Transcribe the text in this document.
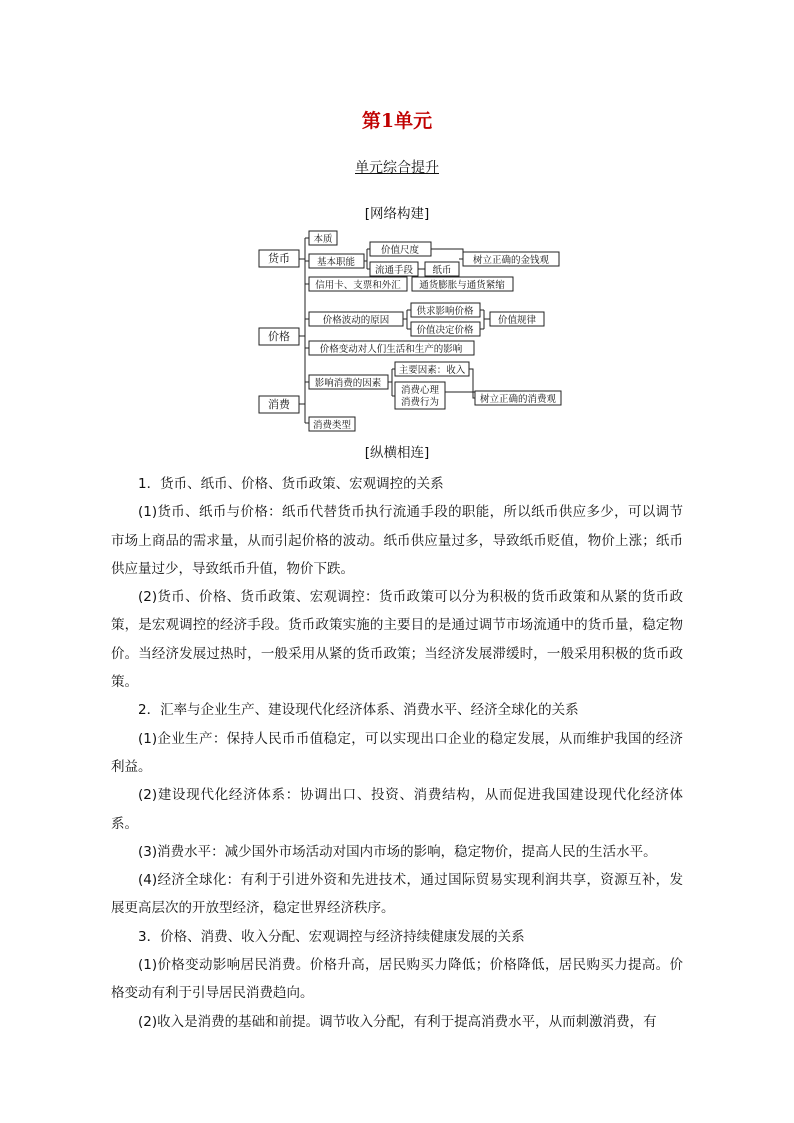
第1单元
单元综合提升
[网络构建]
货币
价格
消费
本质
基本职能
价值尺度
流通手段 纸币
树立正确的金钱观
信用卡、支票和外汇 通货膨胀与通货紧缩
价格波动的原因
供求影响价格
价值决定价格
价值规律
价格变动对人们生活和生产的影响
影响消费的因素
主要因素：收入
消费心理
消费行为	树立正确的消费观
消费类型
[纵横相连]

1．货币、纸币、价格、货币政策、宏观调控的关系

(1)货币、纸币与价格：纸币代替货币执行流通手段的职能，所以纸币供应多少，可以调节市场上商品的需求量，从而引起价格的波动。纸币供应量过多，导致纸币贬值，物价上涨；纸币供应量过少，导致纸币升值，物价下跌。

(2)货币、价格、货币政策、宏观调控：货币政策可以分为积极的货币政策和从紧的货币政策，是宏观调控的经济手段。货币政策实施的主要目的是通过调节市场流通中的货币量，稳定物价。当经济发展过热时，一般采用从紧的货币政策；当经济发展滞缓时，一般采用积极的货币政策。

2．汇率与企业生产、建设现代化经济体系、消费水平、经济全球化的关系

(1)企业生产：保持人民币币值稳定，可以实现出口企业的稳定发展，从而维护我国的经济利益。

(2)建设现代化经济体系：协调出口、投资、消费结构，从而促进我国建设现代化经济体系。

(3)消费水平：减少国外市场活动对国内市场的影响，稳定物价，提高人民的生活水平。

(4)经济全球化：有利于引进外资和先进技术，通过国际贸易实现利润共享，资源互补，发展更高层次的开放型经济，稳定世界经济秩序。

3．价格、消费、收入分配、宏观调控与经济持续健康发展的关系

(1)价格变动影响居民消费。价格升高，居民购买力降低；价格降低，居民购买力提高。价格变动有利于引导居民消费趋向。

(2)收入是消费的基础和前提。调节收入分配，有利于提高消费水平，从而刺激消费，有
